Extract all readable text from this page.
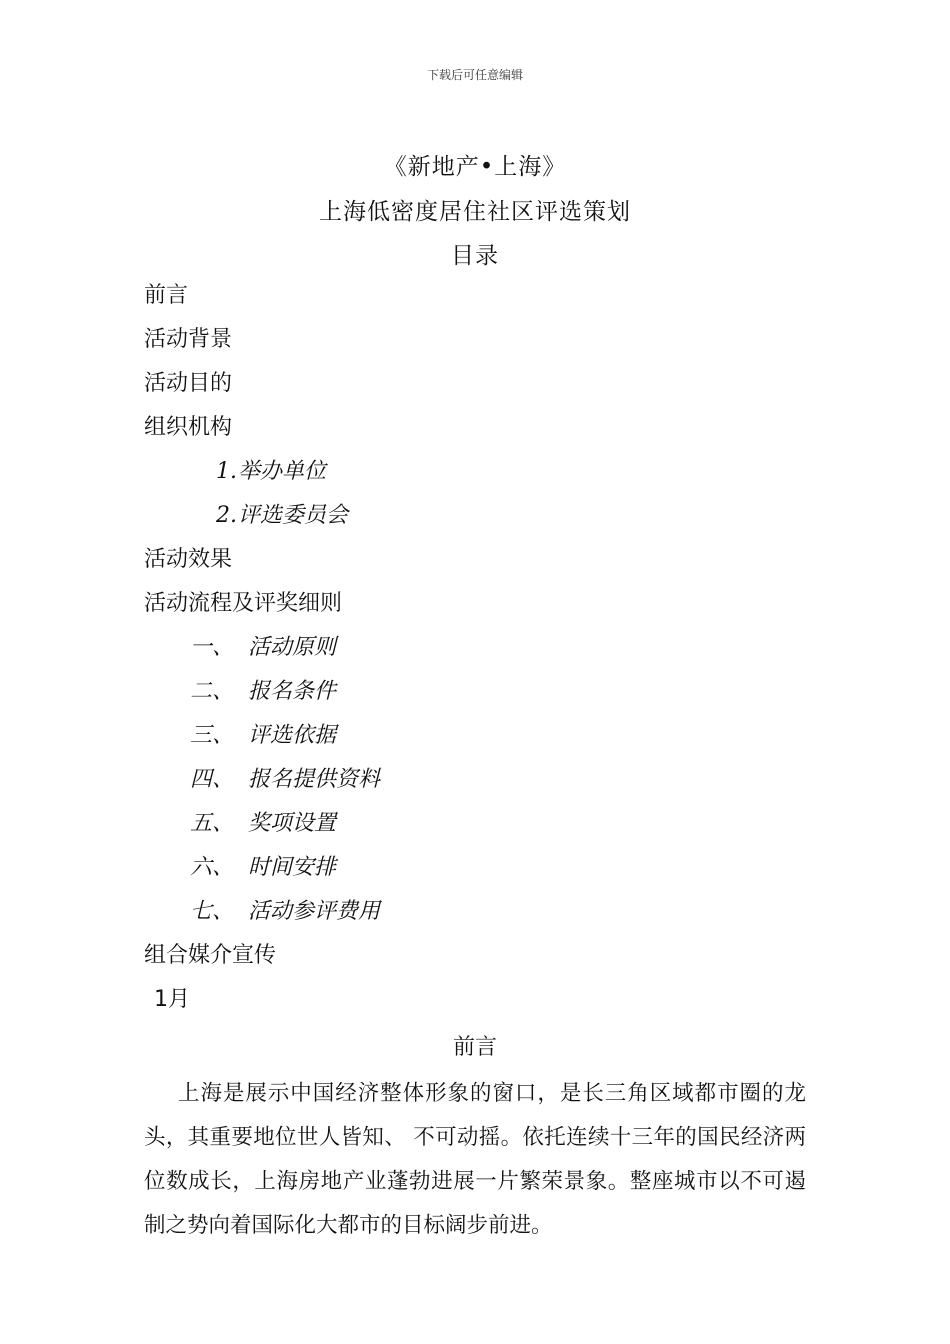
下载后可任意编辑
《新地产•上海》
上海低密度居住社区评选策划
目录
前言
活动背景
活动目的
组织机构
1.举办单位
2.评选委员会
活动效果
活动流程及评奖细则
一、 活动原则
二、 报名条件
三、 评选依据
四、 报名提供资料
五、 奖项设置
六、 时间安排
七、 活动参评费用
组合媒介宣传
1月
前言

上海是展示中国经济整体形象的窗口，是长三角区域都市圈的龙头，其重要地位世人皆知、 不可动摇。依托连续十三年的国民经济两位数成长，上海房地产业蓬勃进展一片繁荣景象。整座城市以不可遏制之势向着国际化大都市的目标阔步前进。
